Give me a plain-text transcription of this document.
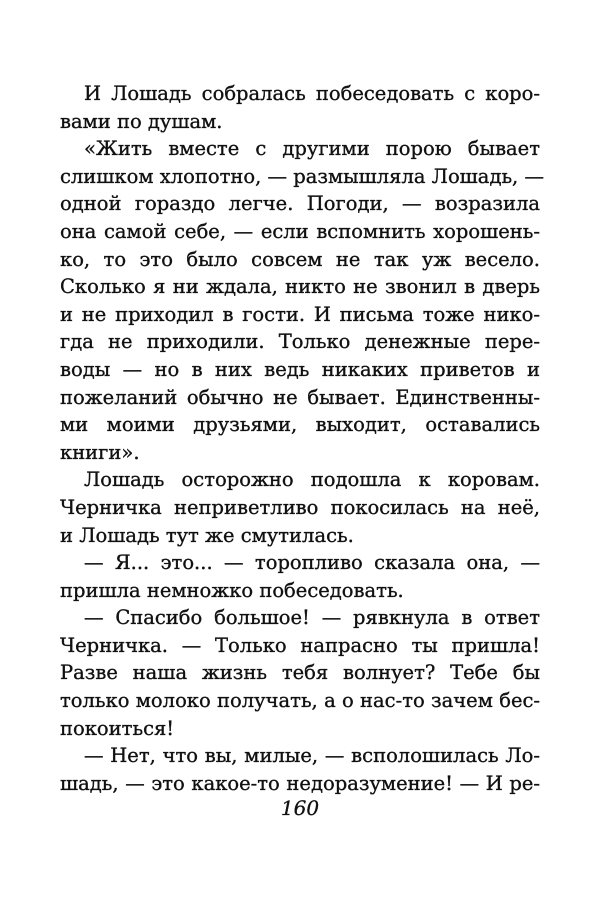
И Лошадь собралась побеседовать с коро-
вами по душам.
«Жить вместе с другими порою бывает
слишком хлопотно, — размышляла Лошадь, —
одной гораздо легче. Погоди, — возразила
она самой себе, — если вспомнить хорошень-
ко, то это было совсем не так уж весело.
Сколько я ни ждала, никто не звонил в дверь
и не приходил в гости. И письма тоже нико-
гда не приходили. Только денежные пере-
воды — но в них ведь никаких приветов и
пожеланий обычно не бывает. Единственны-
ми моими друзьями, выходит, оставались
книги».
Лошадь осторожно подошла к коровам.
Черничка неприветливо покосилась на неё,
и Лошадь тут же смутилась.
— Я... это... — торопливо сказала она, —
пришла немножко побеседовать.
— Спасибо большое! — рявкнула в ответ
Черничка. — Только напрасно ты пришла!
Разве наша жизнь тебя волнует? Тебе бы
только молоко получать, а о нас-то зачем бес-
покоиться!
— Нет, что вы, милые, — всполошилась Ло-
шадь, — это какое-то недоразумение! — И ре-
160
